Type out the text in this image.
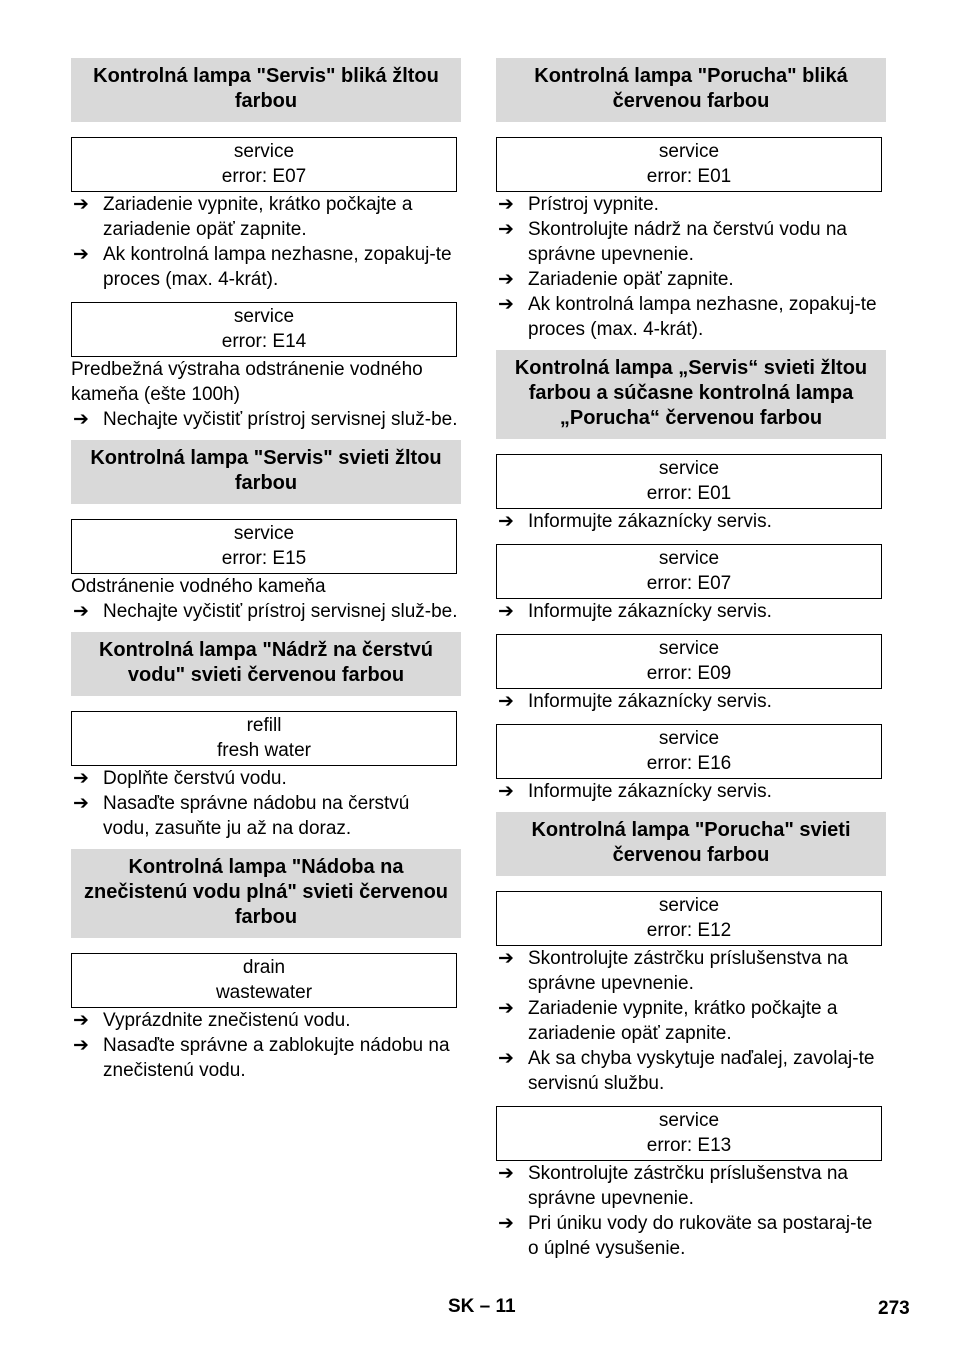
Kontrolná lampa "Servis" bliká žltou farbou
service
error: E07
➔ Zariadenie vypnite, krátko počkajte a zariadenie opäť zapnite.
➔ Ak kontrolná lampa nezhasne, zopakuj-te proces (max. 4-krát).
service
error: E14
Predbežná výstraha odstránenie vodného kameňa (ešte 100h)
➔ Nechajte vyčistiť prístroj servisnej služ-be.
Kontrolná lampa "Servis" svieti žltou farbou
service
error: E15
Odstránenie vodného kameňa
➔ Nechajte vyčistiť prístroj servisnej služ-be.
Kontrolná lampa "Nádrž na čerstvú vodu" svieti červenou farbou
refill
fresh water
➔ Doplňte čerstvú vodu.
➔ Nasaďte správne nádobu na čerstvú vodu, zasuňte ju až na doraz.
Kontrolná lampa "Nádoba na znečistenú vodu plná" svieti červenou farbou
drain
wastewater
➔ Vyprázdnite znečistenú vodu.
➔ Nasaďte správne a zablokujte nádobu na znečistenú vodu.
Kontrolná lampa "Porucha" bliká červenou farbou
service
error: E01
➔ Prístroj vypnite.
➔ Skontrolujte nádrž na čerstvú vodu na správne upevnenie.
➔ Zariadenie opäť zapnite.
➔ Ak kontrolná lampa nezhasne, zopakuj-te proces (max. 4-krát).
Kontrolná lampa „Servis“ svieti žltou farbou a súčasne kontrolná lampa „Porucha“ červenou farbou
service
error: E01
➔ Informujte zákaznícky servis.
service
error: E07
➔ Informujte zákaznícky servis.
service
error: E09
➔ Informujte zákaznícky servis.
service
error: E16
➔ Informujte zákaznícky servis.
Kontrolná lampa "Porucha" svieti červenou farbou
service
error: E12
➔ Skontrolujte zástrčku príslušenstva na správne upevnenie.
➔ Zariadenie vypnite, krátko počkajte a zariadenie opäť zapnite.
➔ Ak sa chyba vyskytuje naďalej, zavolaj-te servisnú službu.
service
error: E13
➔ Skontrolujte zástrčku príslušenstva na správne upevnenie.
➔ Pri úniku vody do rukoväte sa postaraj-te o úplné vysušenie.
SK – 11	273
